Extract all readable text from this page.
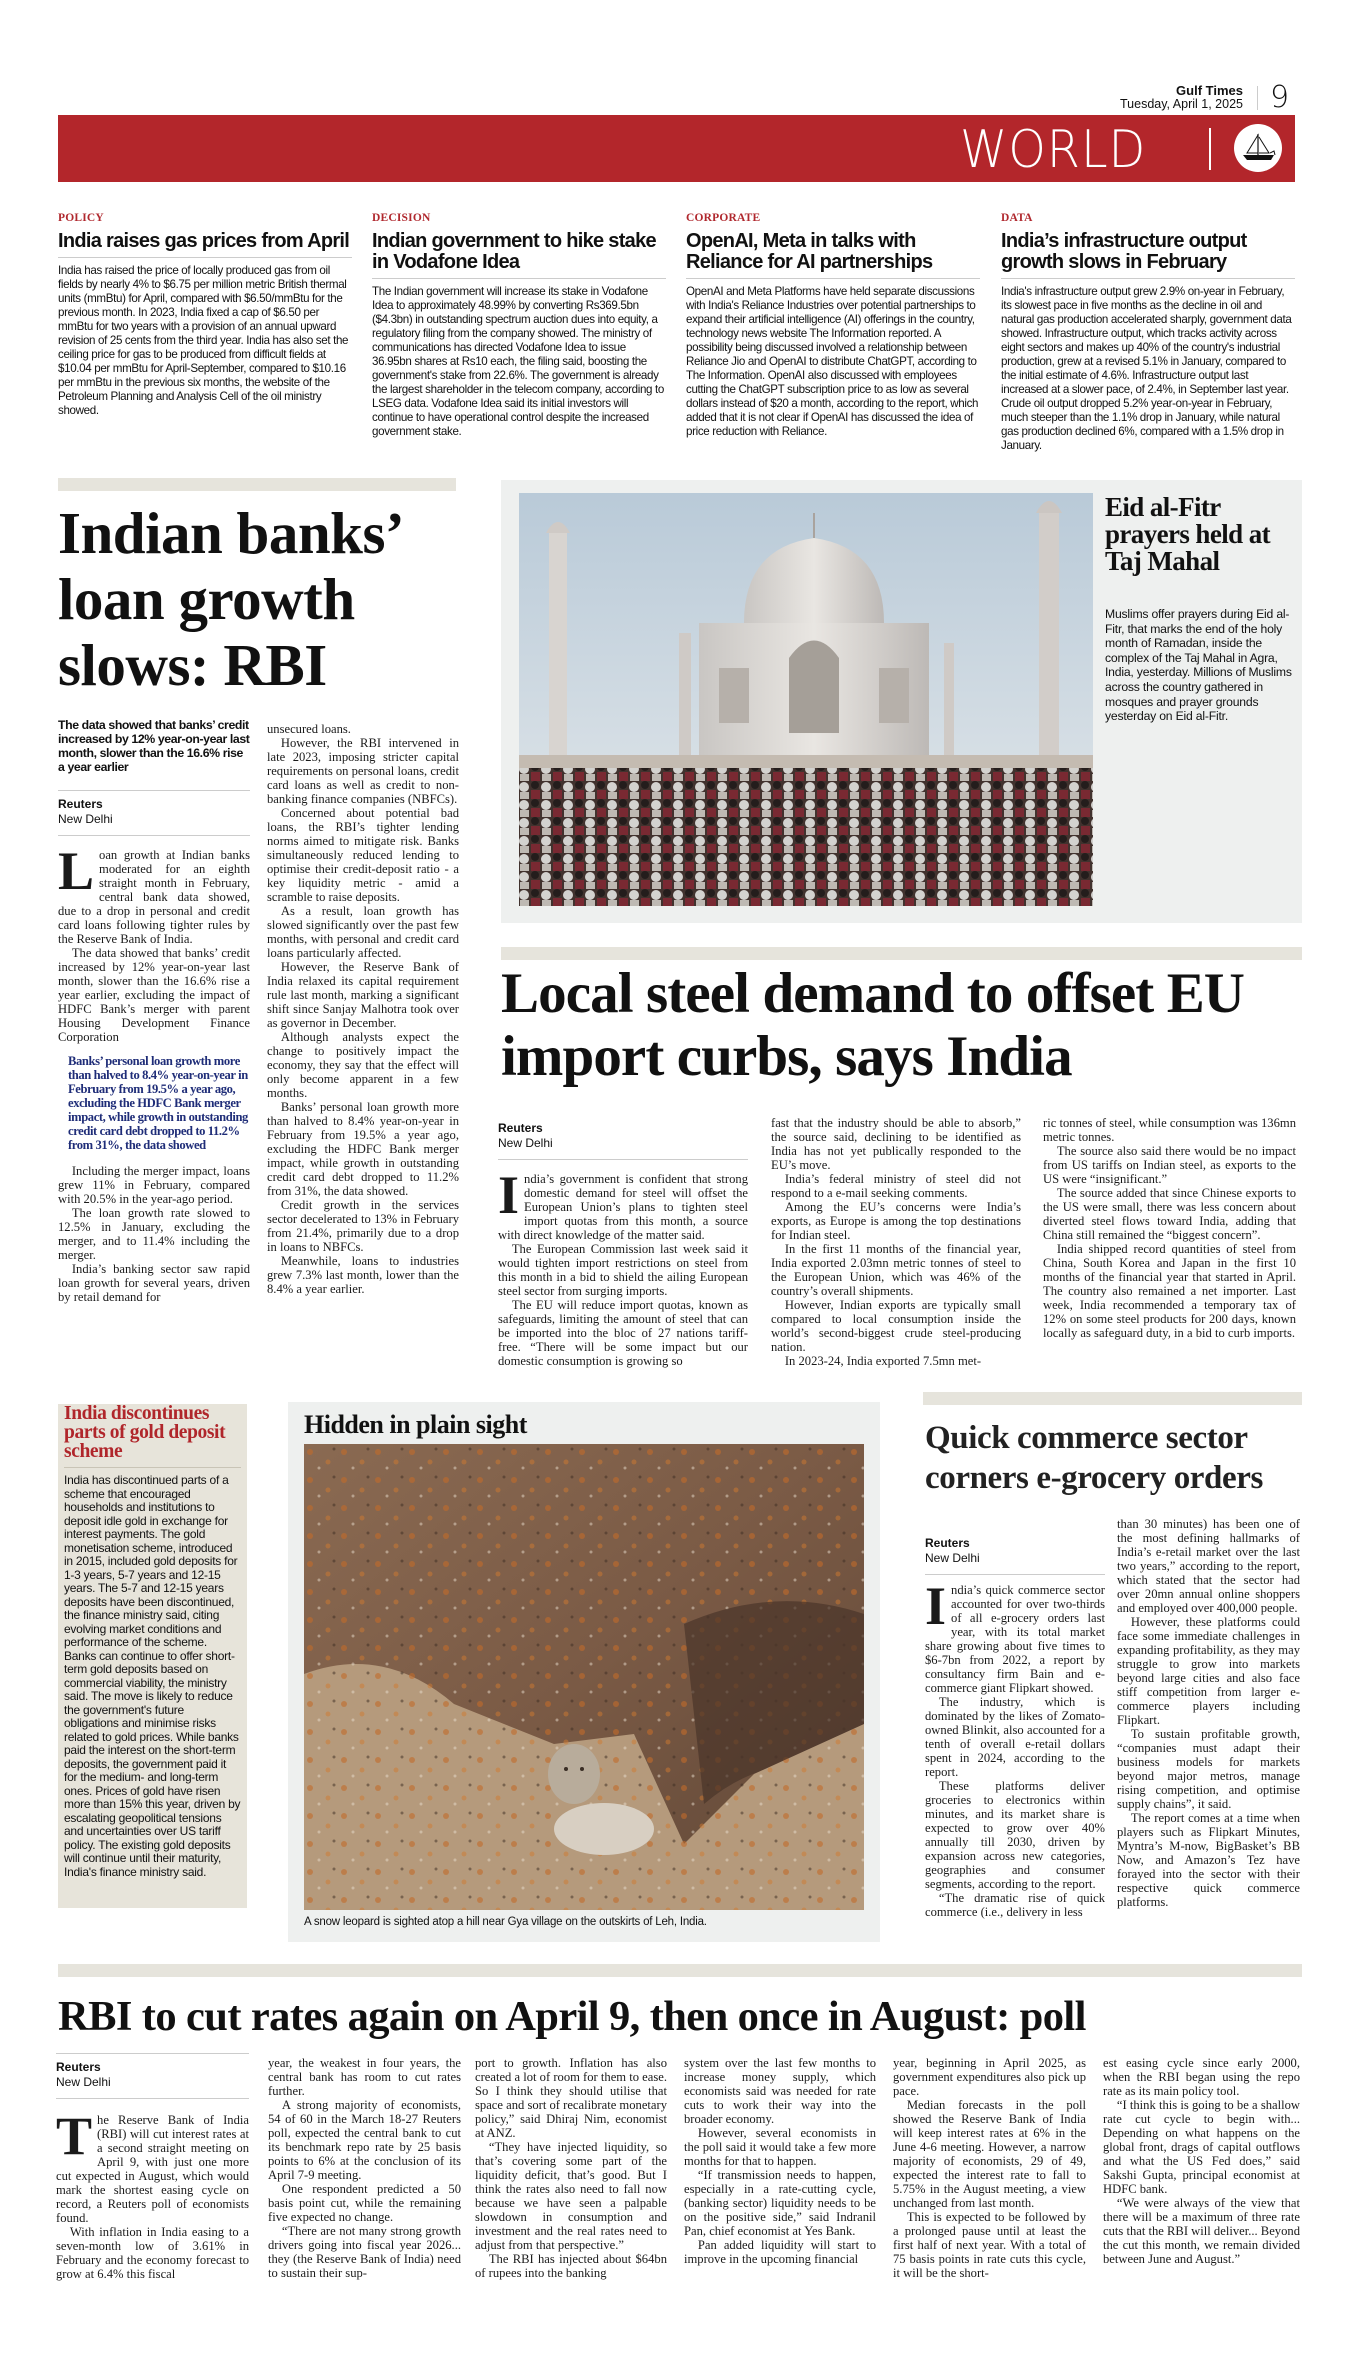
Gulf Times
Tuesday, April 1, 2025 9
WORLD
POLICY
India raises gas prices from April
India has raised the price of locally produced gas from oil fields by nearly 4% to $6.75 per million metric British thermal units (mmBtu) for April, compared with $6.50/mmBtu for the previous month. In 2023, India fixed a cap of $6.50 per mmBtu for two years with a provision of an annual upward revision of 25 cents from the third year. India has also set the ceiling price for gas to be produced from difficult fields at $10.04 per mmBtu for April-September, compared to $10.16 per mmBtu in the previous six months, the website of the Petroleum Planning and Analysis Cell of the oil ministry showed.
DECISION
Indian government to hike stake in Vodafone Idea
The Indian government will increase its stake in Vodafone Idea to approximately 48.99% by converting Rs369.5bn ($4.3bn) in outstanding spectrum auction dues into equity, a regulatory filing from the company showed. The ministry of communications has directed Vodafone Idea to issue 36.95bn shares at Rs10 each, the filing said, boosting the government's stake from 22.6%. The government is already the largest shareholder in the telecom company, according to LSEG data. Vodafone Idea said its initial investors will continue to have operational control despite the increased government stake.
CORPORATE
OpenAI, Meta in talks with Reliance for AI partnerships
OpenAI and Meta Platforms have held separate discussions with India's Reliance Industries over potential partnerships to expand their artificial intelligence (AI) offerings in the country, technology news website The Information reported. A possibility being discussed involved a relationship between Reliance Jio and OpenAI to distribute ChatGPT, according to The Information. OpenAI also discussed with employees cutting the ChatGPT subscription price to as low as several dollars instead of $20 a month, according to the report, which added that it is not clear if OpenAI has discussed the idea of price reduction with Reliance.
DATA
India’s infrastructure output growth slows in February
India's infrastructure output grew 2.9% on-year in February, its slowest pace in five months as the decline in oil and natural gas production accelerated sharply, government data showed. Infrastructure output, which tracks activity across eight sectors and makes up 40% of the country's industrial production, grew at a revised 5.1% in January, compared to the initial estimate of 4.6%. Infrastructure output last increased at a slower pace, of 2.4%, in September last year. Crude oil output dropped 5.2% year-on-year in February, much steeper than the 1.1% drop in January, while natural gas production declined 6%, compared with a 1.5% drop in January.
Indian banks’ loan growth slows: RBI
The data showed that banks’ credit increased by 12% year-on-year last month, slower than the 16.6% rise a year earlier
Reuters
New Delhi

Loan growth at Indian banks moderated for an eighth straight month in February, central bank data showed, due to a drop in personal and credit card loans following tighter rules by the Reserve Bank of India.

The data showed that banks’ credit increased by 12% year-on-year last month, slower than the 16.6% rise a year earlier, excluding the impact of HDFC Bank’s merger with parent Housing Development Finance Corporation

Banks’ personal loan growth more than halved to 8.4% year-on-year in February from 19.5% a year ago, excluding the HDFC Bank merger impact, while growth in outstanding credit card debt dropped to 11.2% from 31%, the data showed

Including the merger impact, loans grew 11% in February, compared with 20.5% in the year-ago period.

The loan growth rate slowed to 12.5% in January, excluding the merger, and to 11.4% including the merger.

India’s banking sector saw rapid loan growth for several years, driven by retail demand for

unsecured loans.

However, the RBI intervened in late 2023, imposing stricter capital requirements on personal loans, credit card loans as well as credit to non-banking finance companies (NBFCs).

Concerned about potential bad loans, the RBI’s tighter lending norms aimed to mitigate risk. Banks simultaneously reduced lending to optimise their credit-deposit ratio - a key liquidity metric - amid a scramble to raise deposits.

As a result, loan growth has slowed significantly over the past few months, with personal and credit card loans particularly affected.

However, the Reserve Bank of India relaxed its capital requirement rule last month, marking a significant shift since Sanjay Malhotra took over as governor in December.

Although analysts expect the change to positively impact the economy, they say that the effect will only become apparent in a few months.

Banks’ personal loan growth more than halved to 8.4% year-on-year in February from 19.5% a year ago, excluding the HDFC Bank merger impact, while growth in outstanding credit card debt dropped to 11.2% from 31%, the data showed.

Credit growth in the services sector decelerated to 13% in February from 21.4%, primarily due to a drop in loans to NBFCs.

Meanwhile, loans to industries grew 7.3% last month, lower than the 8.4% a year earlier.

Eid al-Fitr prayers held at Taj Mahal
Muslims offer prayers during Eid al-Fitr, that marks the end of the holy month of Ramadan, inside the complex of the Taj Mahal in Agra, India, yesterday. Millions of Muslims across the country gathered in mosques and prayer grounds yesterday on Eid al-Fitr.
Local steel demand to offset EU import curbs, says India
Reuters
New Delhi

India’s government is confident that strong domestic demand for steel will offset the European Union’s plans to tighten steel import quotas from this month, a source with direct knowledge of the matter said.

The European Commission last week said it would tighten import restrictions on steel from this month in a bid to shield the ailing European steel sector from surging imports.

The EU will reduce import quotas, known as safeguards, limiting the amount of steel that can be imported into the bloc of 27 nations tariff-free. “There will be some impact but our domestic consumption is growing so

fast that the industry should be able to absorb,” the source said, declining to be identified as India has not yet publically responded to the EU’s move.

India’s federal ministry of steel did not respond to a e-mail seeking comments.

Among the EU’s concerns were India’s exports, as Europe is among the top destinations for Indian steel.

In the first 11 months of the financial year, India exported 2.03mn metric tonnes of steel to the European Union, which was 46% of the country’s overall shipments.

However, Indian exports are typically small compared to local consumption inside the world’s second-biggest crude steel-producing nation.

In 2023-24, India exported 7.5mn met-

ric tonnes of steel, while consumption was 136mn metric tonnes.

The source also said there would be no impact from US tariffs on Indian steel, as exports to the US were “insignificant.”

The source added that since Chinese exports to the US were small, there was less concern about diverted steel flows toward India, adding that China still remained the “biggest concern”.

India shipped record quantities of steel from China, South Korea and Japan in the first 10 months of the financial year that started in April. The country also remained a net importer. Last week, India recommended a temporary tax of 12% on some steel products for 200 days, known locally as safeguard duty, in a bid to curb imports.

India discontinues parts of gold deposit scheme
India has discontinued parts of a scheme that encouraged households and institutions to deposit idle gold in exchange for interest payments. The gold monetisation scheme, introduced in 2015, included gold deposits for 1-3 years, 5-7 years and 12-15 years. The 5-7 and 12-15 years deposits have been discontinued, the finance ministry said, citing evolving market conditions and performance of the scheme. Banks can continue to offer short-term gold deposits based on commercial viability, the ministry said. The move is likely to reduce the government's future obligations and minimise risks related to gold prices. While banks paid the interest on the short-term deposits, the government paid it for the medium- and long-term ones. Prices of gold have risen more than 15% this year, driven by escalating geopolitical tensions and uncertainties over US tariff policy. The existing gold deposits will continue until their maturity, India's finance ministry said.
Hidden in plain sight
A snow leopard is sighted atop a hill near Gya village on the outskirts of Leh, India.
Quick commerce sector corners e-grocery orders
Reuters
New Delhi

India’s quick commerce sector accounted for over two-thirds of all e-grocery orders last year, with its total market share growing about five times to $6-7bn from 2022, a report by consultancy firm Bain and e-commerce giant Flipkart showed.

The industry, which is dominated by the likes of Zomato-owned Blinkit, also accounted for a tenth of overall e-retail dollars spent in 2024, according to the report.

These platforms deliver groceries to electronics within minutes, and its market share is expected to grow over 40% annually till 2030, driven by expansion across new categories, geographies and consumer segments, according to the report.

“The dramatic rise of quick commerce (i.e., delivery in less

than 30 minutes) has been one of the most defining hallmarks of India’s e-retail market over the last two years,” according to the report, which stated that the sector had over 20mn annual online shoppers and employed over 400,000 people.

However, these platforms could face some immediate challenges in expanding profitability, as they may struggle to grow into markets beyond large cities and also face stiff competition from larger e-commerce players including Flipkart.

To sustain profitable growth, “companies must adapt their business models for markets beyond major metros, manage rising competition, and optimise supply chains”, it said.

The report comes at a time when players such as Flipkart Minutes, Myntra’s M-now, BigBasket’s BB Now, and Amazon’s Tez have forayed into the sector with their respective quick commerce platforms.

RBI to cut rates again on April 9, then once in August: poll
Reuters
New Delhi

The Reserve Bank of India (RBI) will cut interest rates at a second straight meeting on April 9, with just one more cut expected in August, which would mark the shortest easing cycle on record, a Reuters poll of economists found.

With inflation in India easing to a seven-month low of 3.61% in February and the economy forecast to grow at 6.4% this fiscal

year, the weakest in four years, the central bank has room to cut rates further.

A strong majority of economists, 54 of 60 in the March 18-27 Reuters poll, expected the central bank to cut its benchmark repo rate by 25 basis points to 6% at the conclusion of its April 7-9 meeting.

One respondent predicted a 50 basis point cut, while the remaining five expected no change.

“There are not many strong growth drivers going into fiscal year 2026... they (the Reserve Bank of India) need to sustain their sup-

port to growth. Inflation has also created a lot of room for them to ease. So I think they should utilise that space and sort of recalibrate monetary policy,” said Dhiraj Nim, economist at ANZ.

“They have injected liquidity, so that’s covering some part of the liquidity deficit, that’s good. But I think the rates also need to fall now because we have seen a palpable slowdown in consumption and investment and the real rates need to adjust from that perspective.”

The RBI has injected about $64bn of rupees into the banking

system over the last few months to increase money supply, which economists said was needed for rate cuts to work their way into the broader economy.

However, several economists in the poll said it would take a few more months for that to happen.

“If transmission needs to happen, especially in a rate-cutting cycle, (banking sector) liquidity needs to be on the positive side,” said Indranil Pan, chief economist at Yes Bank.

Pan added liquidity will start to improve in the upcoming financial

year, beginning in April 2025, as government expenditures also pick up pace.

Median forecasts in the poll showed the Reserve Bank of India will keep interest rates at 6% in the June 4-6 meeting. However, a narrow majority of economists, 29 of 49, expected the interest rate to fall to 5.75% in the August meeting, a view unchanged from last month.

This is expected to be followed by a prolonged pause until at least the first half of next year. With a total of 75 basis points in rate cuts this cycle, it will be the short-

est easing cycle since early 2000, when the RBI began using the repo rate as its main policy tool.

“I think this is going to be a shallow rate cut cycle to begin with... Depending on what happens on the global front, drags of capital outflows and what the US Fed does,” said Sakshi Gupta, principal economist at HDFC bank.

“We were always of the view that there will be a maximum of three rate cuts that the RBI will deliver... Beyond the cut this month, we remain divided between June and August.”
